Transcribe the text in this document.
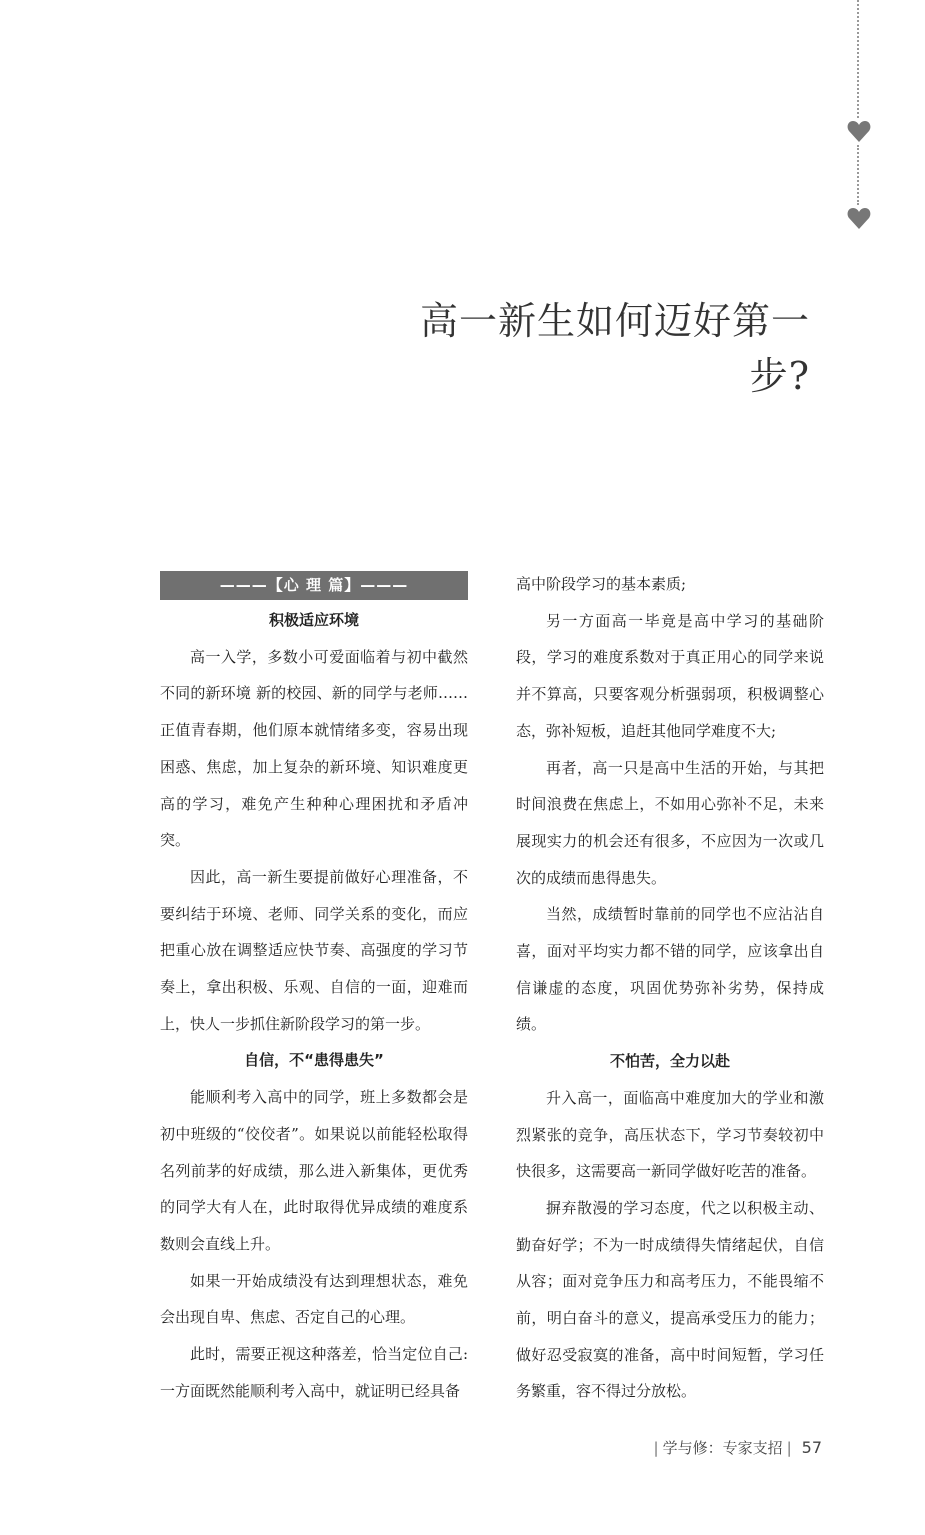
高一新生如何迈好第一步?
———【心 理 篇】———
积极适应环境

高一入学，多数小可爱面临着与初中截然不同的新环境 新的校园、新的同学与老师……正值青春期，他们原本就情绪多变，容易出现困惑、焦虑，加上复杂的新环境、知识难度更高的学习，难免产生种种心理困扰和矛盾冲突。

因此，高一新生要提前做好心理准备，不要纠结于环境、老师、同学关系的变化，而应把重心放在调整适应快节奏、高强度的学习节奏上，拿出积极、乐观、自信的一面，迎难而上，快人一步抓住新阶段学习的第一步。

自信，不“患得患失”

能顺利考入高中的同学，班上多数都会是初中班级的“佼佼者”。如果说以前能轻松取得名列前茅的好成绩，那么进入新集体，更优秀的同学大有人在，此时取得优异成绩的难度系数则会直线上升。

如果一开始成绩没有达到理想状态，难免会出现自卑、焦虑、否定自己的心理。

此时，需要正视这种落差，恰当定位自己:一方面既然能顺利考入高中，就证明已经具备

高中阶段学习的基本素质;

另一方面高一毕竟是高中学习的基础阶段，学习的难度系数对于真正用心的同学来说并不算高，只要客观分析强弱项，积极调整心态，弥补短板，追赶其他同学难度不大;

再者，高一只是高中生活的开始，与其把时间浪费在焦虑上，不如用心弥补不足，未来展现实力的机会还有很多，不应因为一次或几次的成绩而患得患失。

当然，成绩暂时靠前的同学也不应沾沾自喜，面对平均实力都不错的同学，应该拿出自信谦虚的态度，巩固优势弥补劣势，保持成绩。

不怕苦，全力以赴

升入高一，面临高中难度加大的学业和激烈紧张的竞争，高压状态下，学习节奏较初中快很多，这需要高一新同学做好吃苦的准备。

摒弃散漫的学习态度，代之以积极主动、勤奋好学；不为一时成绩得失情绪起伏，自信从容；面对竞争压力和高考压力，不能畏缩不前，明白奋斗的意义，提高承受压力的能力；做好忍受寂寞的准备，高中时间短暂，学习任务繁重，容不得过分放松。

| 学与修：专家支招 | 57
